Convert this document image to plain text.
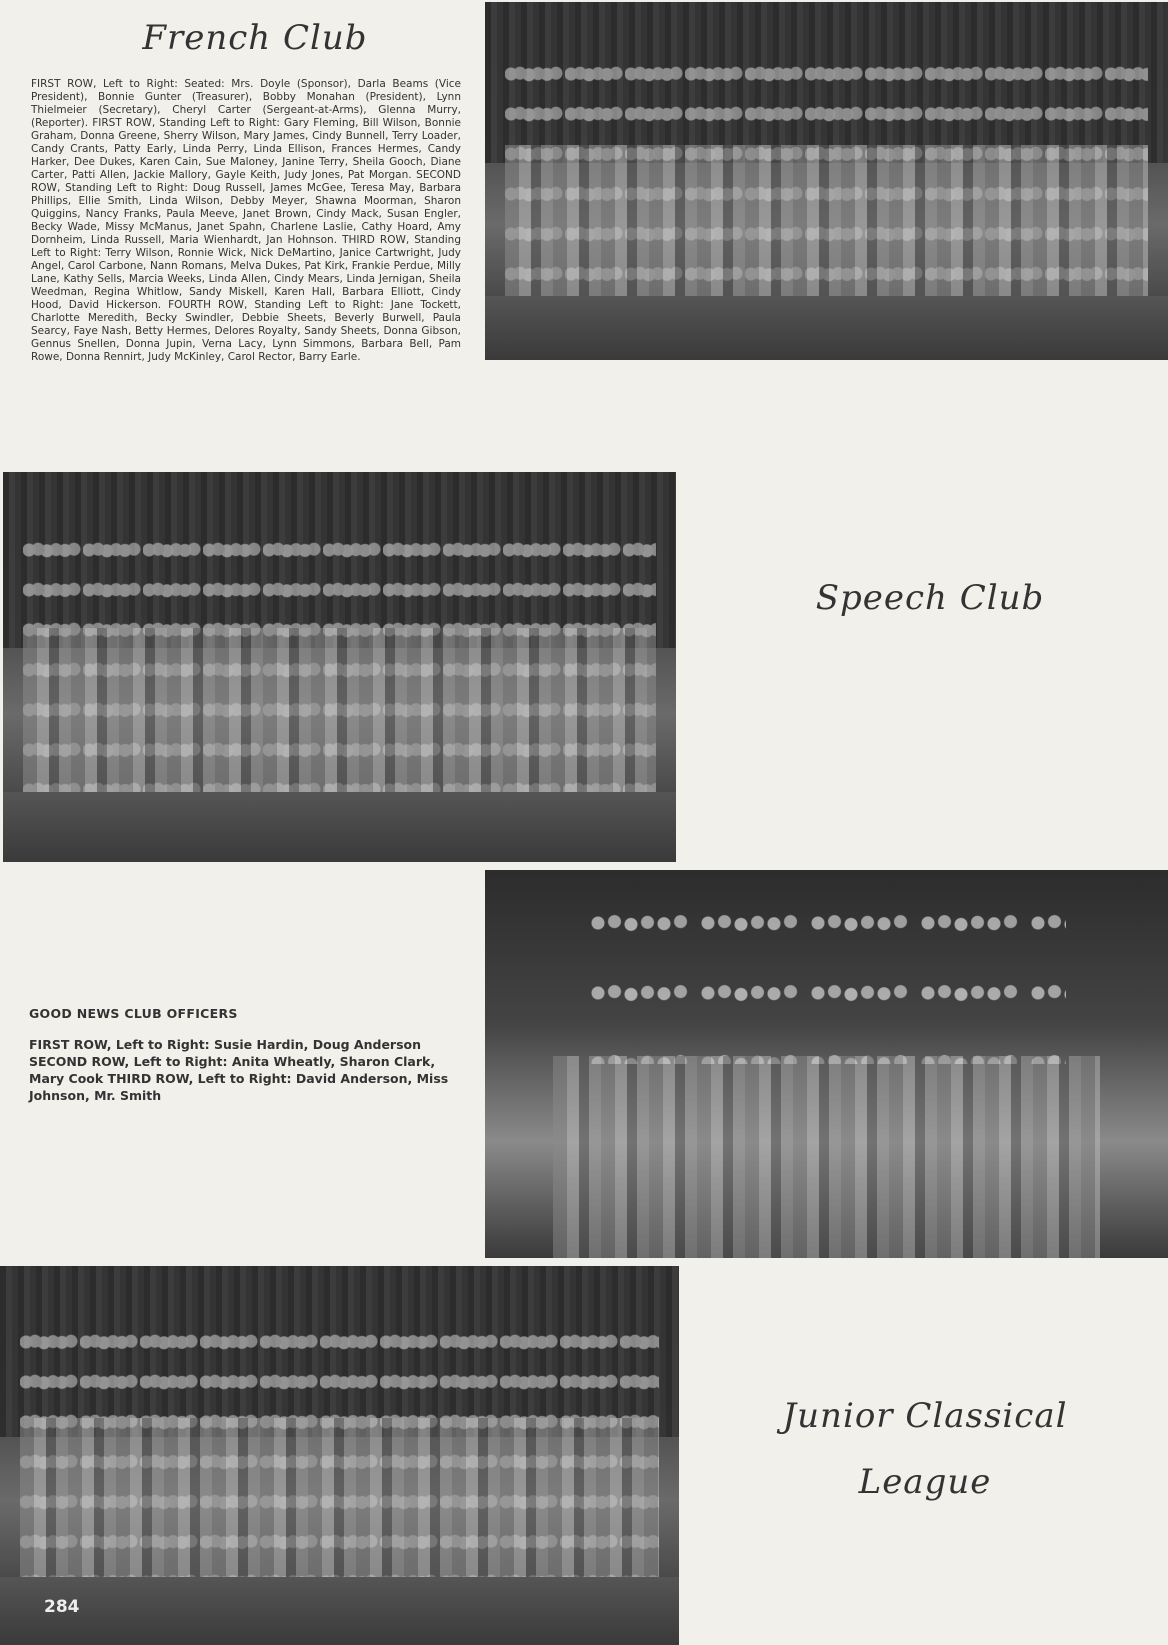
French Club
FIRST ROW, Left to Right: Seated: Mrs. Doyle (Sponsor), Darla Beams (Vice President), Bonnie Gunter (Treasurer), Bobby Monahan (President), Lynn Thielmeier (Secretary), Cheryl Carter (Sergeant-at-Arms), Glenna Murry, (Reporter). FIRST ROW, Standing Left to Right: Gary Fleming, Bill Wilson, Bonnie Graham, Donna Greene, Sherry Wilson, Mary James, Cindy Bunnell, Terry Loader, Candy Crants, Patty Early, Linda Perry, Linda Ellison, Frances Hermes, Candy Harker, Dee Dukes, Karen Cain, Sue Maloney, Janine Terry, Sheila Gooch, Diane Carter, Patti Allen, Jackie Mallory, Gayle Keith, Judy Jones, Pat Morgan. SECOND ROW, Standing Left to Right: Doug Russell, James McGee, Teresa May, Barbara Phillips, Ellie Smith, Linda Wilson, Debby Meyer, Shawna Moorman, Sharon Quiggins, Nancy Franks, Paula Meeve, Janet Brown, Cindy Mack, Susan Engler, Becky Wade, Missy McManus, Janet Spahn, Charlene Laslie, Cathy Hoard, Amy Dornheim, Linda Russell, Maria Wienhardt, Jan Hohnson. THIRD ROW, Standing Left to Right: Terry Wilson, Ronnie Wick, Nick DeMartino, Janice Cartwright, Judy Angel, Carol Carbone, Nann Romans, Melva Dukes, Pat Kirk, Frankie Perdue, Milly Lane, Kathy Sells, Marcia Weeks, Linda Allen, Cindy Mears, Linda Jernigan, Sheila Weedman, Regina Whitlow, Sandy Miskell, Karen Hall, Barbara Elliott, Cindy Hood, David Hickerson. FOURTH ROW, Standing Left to Right: Jane Tockett, Charlotte Meredith, Becky Swindler, Debbie Sheets, Beverly Burwell, Paula Searcy, Faye Nash, Betty Hermes, Delores Royalty, Sandy Sheets, Donna Gibson, Gennus Snellen, Donna Jupin, Verna Lacy, Lynn Simmons, Barbara Bell, Pam Rowe, Donna Rennirt, Judy McKinley, Carol Rector, Barry Earle.
Speech Club
GOOD NEWS CLUB OFFICERS
FIRST ROW, Left to Right: Susie Hardin, Doug Anderson SECOND ROW, Left to Right: Anita Wheatly, Sharon Clark, Mary Cook THIRD ROW, Left to Right: David Anderson, Miss Johnson, Mr. Smith
284
Junior Classical
League
